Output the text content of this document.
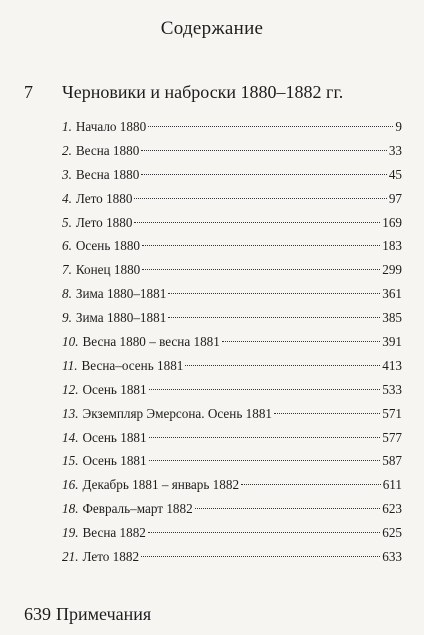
Содержание
7	Черновики и наброски 1880–1882 гг.
1. Начало 1880	9
2. Весна 1880	33
3. Весна 1880	45
4. Лето 1880	97
5. Лето 1880	169
6. Осень 1880	183
7. Конец 1880	299
8. Зима 1880–1881	361
9. Зима 1880–1881	385
10. Весна 1880 – весна 1881	391
11. Весна–осень 1881	413
12. Осень 1881	533
13. Экземпляр Эмерсона. Осень 1881	571
14. Осень 1881	577
15. Осень 1881	587
16. Декабрь 1881 – январь 1882	611
18. Февраль–март 1882	623
19. Весна 1882	625
21. Лето 1882	633
639 Примечания
